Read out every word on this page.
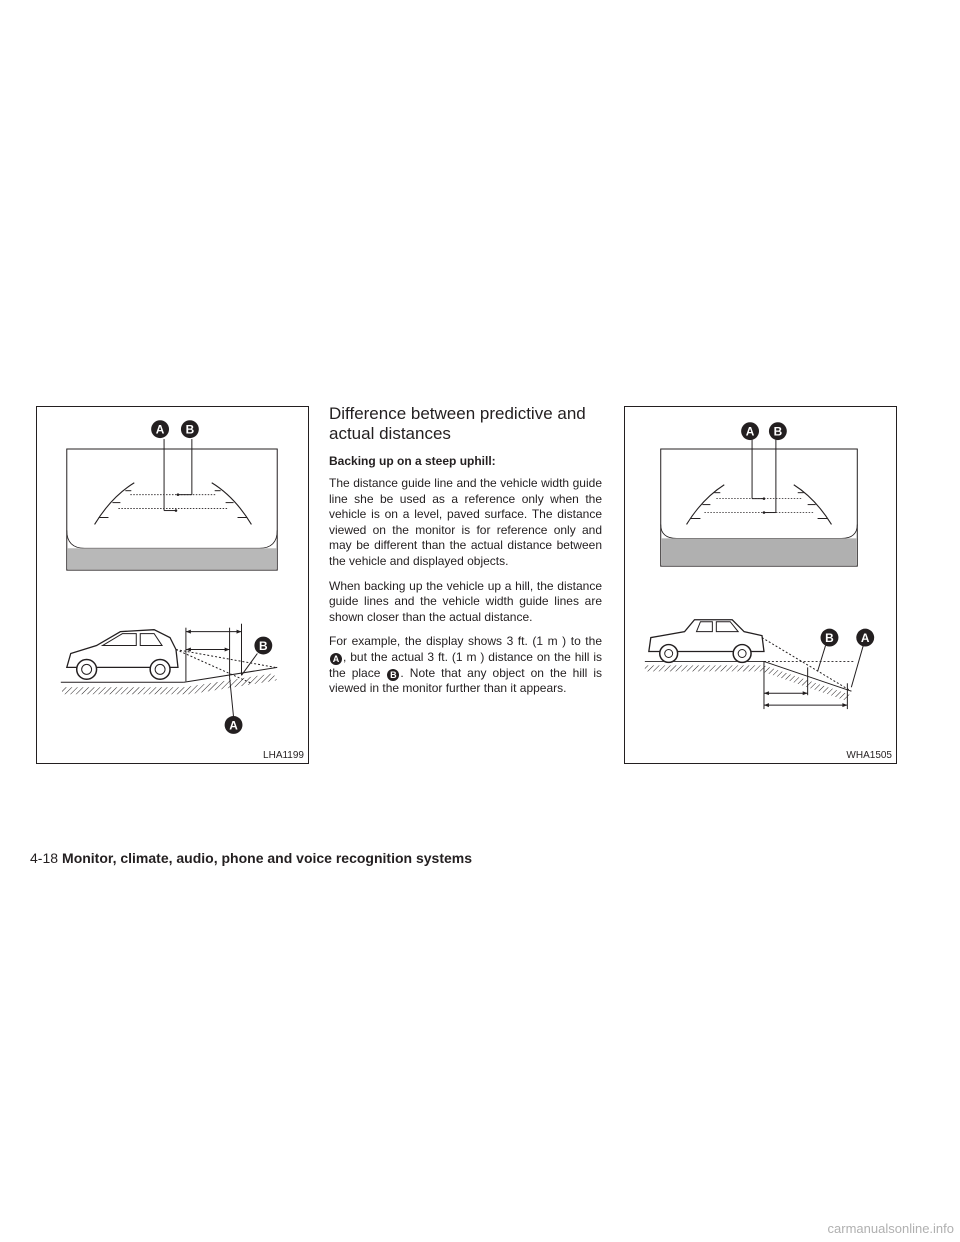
A B
B
A
LHA1199
Difference between predictive and
actual distances
Backing up on a steep uphill:

The distance guide line and the vehicle width guide line she be used as a reference only when the vehicle is on a level, paved surface. The distance viewed on the monitor is for reference only and may be different than the actual distance between the vehicle and displayed objects.

When backing up the vehicle up a hill, the distance guide lines and the vehicle width guide lines are shown closer than the actual distance.

For example, the display shows 3 ft. (1 m ) to the A , but the actual 3 ft. (1 m ) distance on the hill is the place B . Note that any object on the hill is viewed in the monitor further than it appears.

A B
B A
WHA1505
4-18 Monitor, climate, audio, phone and voice recognition systems
carmanualsonline.info
